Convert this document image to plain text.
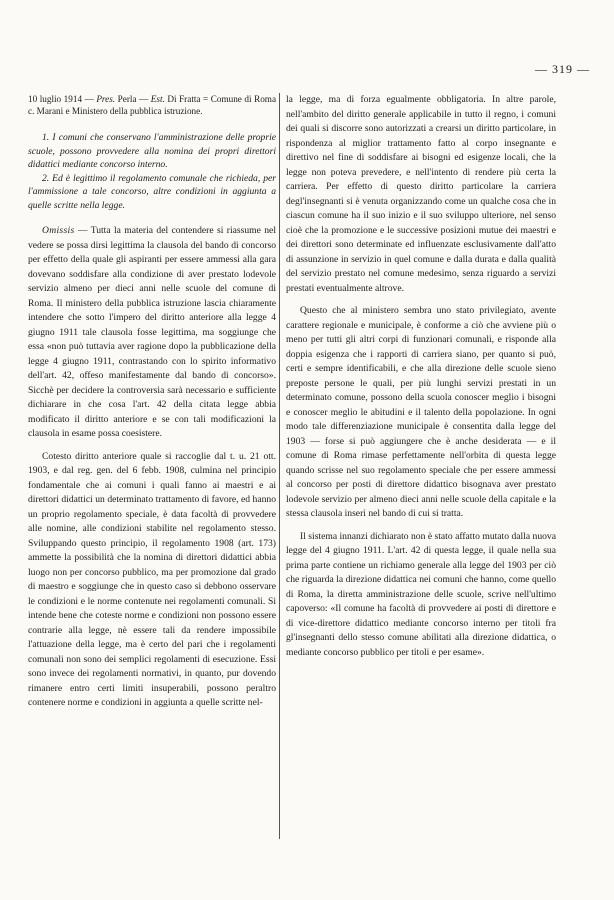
— 319 —

10 luglio 1914 — Pres. Perla — Est. Di Fratta = Comune di Roma c. Marani e Ministero della pubblica istruzione.

1. I comuni che conservano l'amministrazione delle proprie scuole, possono provvedere alla nomina dei propri direttori didattici mediante concorso interno.

2. Ed è legittimo il regolamento comunale che richieda, per l'ammissione a tale concorso, altre condizioni in aggiunta a quelle scritte nella legge.

Omissis — Tutta la materia del contendere si riassume nel vedere se possa dirsi legittima la clausola del bando di concorso per effetto della quale gli aspiranti per essere ammessi alla gara dovevano soddisfare alla condizione di aver prestato lodevole servizio almeno per dieci anni nelle scuole del comune di Roma. Il ministero della pubblica istruzione lascia chiaramente intendere che sotto l'impero del diritto anteriore alla legge 4 giugno 1911 tale clausola fosse legittima, ma soggiunge che essa «non può tuttavia aver ragione dopo la pubblicazione della legge 4 giugno 1911, contrastando con lo spirito informativo dell'art. 42, offeso manifestamente dal bando di concorso». Sicchè per decidere la controversia sarà necessario e sufficiente dichiarare in che cosa l'art. 42 della citata legge abbia modificato il diritto anteriore e se con tali modificazioni la clausola in esame possa coesistere.

Cotesto diritto anteriore quale si raccoglie dal t. u. 21 ott. 1903, e dal reg. gen. del 6 febb. 1908, culmina nel principio fondamentale che ai comuni i quali fanno ai maestri e ai direttori didattici un determinato trattamento di favore, ed hanno un proprio regolamento speciale, è data facoltà di provvedere alle nomine, alle condizioni stabilite nel regolamento stesso. Sviluppando questo principio, il regolamento 1908 (art. 173) ammette la possibilità che la nomina di direttori didattici abbia luogo non per concorso pubblico, ma per promozione dal grado di maestro e soggiunge che in questo caso si debbono osservare le condizioni e le norme contenute nei regolamenti comunali. Si intende bene che coteste norme e condizioni non possono essere contrarie alla legge, nè essere tali da rendere impossibile l'attuazione della legge, ma è certo del pari che i regolamenti comunali non sono dei semplici regolamenti di esecuzione. Essi sono invece dei regolamenti normativi, in quanto, pur dovendo rimanere entro certi limiti insuperabili, possono peraltro contenere norme e condizioni in aggiunta a quelle scritte nel-

la legge, ma di forza egualmente obbligatoria. In altre parole, nell'ambito del diritto generale applicabile in tutto il regno, i comuni dei quali si discorre sono autorizzati a crearsi un diritto particolare, in rispondenza al miglior trattamento fatto al corpo insegnante e direttivo nel fine di soddisfare ai bisogni ed esigenze locali, che la legge non poteva prevedere, e nell'intento di rendere più certa la carriera. Per effetto di questo diritto particolare la carriera degl'insegnanti si è venuta organizzando come un qualche cosa che in ciascun comune ha il suo inizio e il suo sviluppo ulteriore, nel senso cioè che la promozione e le successive posizioni mutue dei maestri e dei direttori sono determinate ed influenzate esclusivamente dall'atto di assunzione in servizio in quel comune e dalla durata e dalla qualità del servizio prestato nel comune medesimo, senza riguardo a servizi prestati eventualmente altrove.

Questo che al ministero sembra uno stato privilegiato, avente carattere regionale e municipale, è conforme a ciò che avviene più o meno per tutti gli altri corpi di funzionari comunali, e risponde alla doppia esigenza che i rapporti di carriera siano, per quanto si può, certi e sempre identificabili, e che alla direzione delle scuole sieno preposte persone le quali, per più lunghi servizi prestati in un determinato comune, possono della scuola conoscer meglio i bisogni e conoscer meglio le abitudini e il talento della popolazione. In ogni modo tale differenziazione municipale è consentita dalla legge del 1903 — forse si può aggiungere che è anche desiderata — e il comune di Roma rimase perfettamente nell'orbita di questa legge quando scrisse nel suo regolamento speciale che per essere ammessi al concorso per posti di direttore didattico bisognava aver prestato lodevole servizio per almeno dieci anni nelle scuole della capitale e la stessa clausola inserì nel bando di cui si tratta.

Il sistema innanzi dichiarato non è stato affatto mutato dalla nuova legge del 4 giugno 1911. L'art. 42 di questa legge, il quale nella sua prima parte contiene un richiamo generale alla legge del 1903 per ciò che riguarda la direzione didattica nei comuni che hanno, come quello di Roma, la diretta amministrazione delle scuole, scrive nell'ultimo capoverso: «Il comune ha facoltà di provvedere ai posti di direttore e di vice-direttore didattico mediante concorso interno per titoli fra gl'insegnanti dello stesso comune abilitati alla direzione didattica, o mediante concorso pubblico per titoli e per esame».
